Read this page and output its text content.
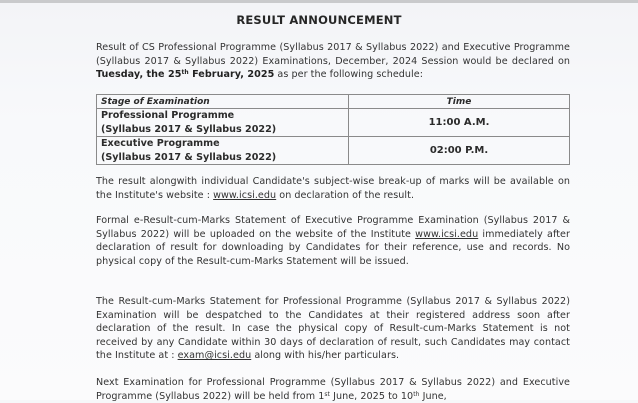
RESULT ANNOUNCEMENT
Result of CS Professional Programme (Syllabus 2017 & Syllabus 2022) and Executive Programme (Syllabus 2017 & Syllabus 2022) Examinations, December, 2024 Session would be declared on Tuesday, the 25th February, 2025 as per the following schedule:
Stage of Examination	Time

Professional Programme
(Syllabus 2017 & Syllabus 2022)	11:00 A.M.

Executive Programme
(Syllabus 2017 & Syllabus 2022)	02:00 P.M.
The result alongwith individual Candidate's subject-wise break-up of marks will be available on the Institute's website : www.icsi.edu on declaration of the result.
Formal e-Result-cum-Marks Statement of Executive Programme Examination (Syllabus 2017 & Syllabus 2022) will be uploaded on the website of the Institute www.icsi.edu immediately after declaration of result for downloading by Candidates for their reference, use and records. No physical copy of the Result-cum-Marks Statement will be issued.
The Result-cum-Marks Statement for Professional Programme (Syllabus 2017 & Syllabus 2022) Examination will be despatched to the Candidates at their registered address soon after declaration of the result. In case the physical copy of Result-cum-Marks Statement is not received by any Candidate within 30 days of declaration of result, such Candidates may contact the Institute at : exam@icsi.edu along with his/her particulars.
Next Examination for Professional Programme (Syllabus 2017 & Syllabus 2022) and Executive Programme (Syllabus 2022) will be held from 1st June, 2025 to 10th June,
